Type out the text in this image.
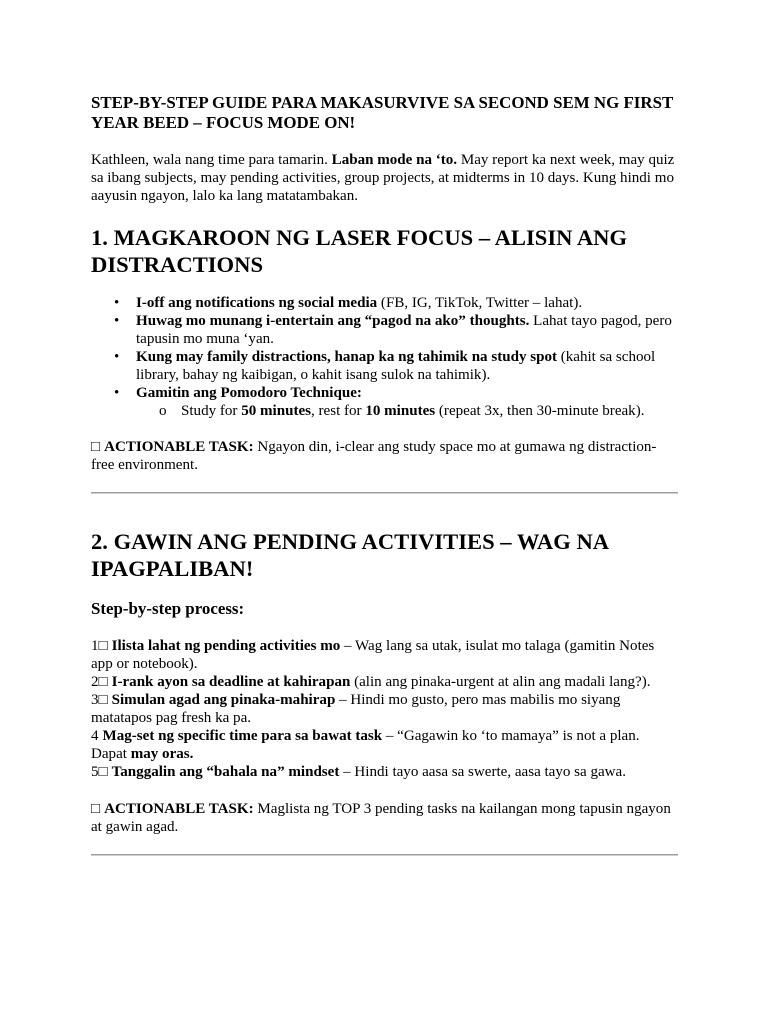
STEP-BY-STEP GUIDE PARA MAKASURVIVE SA SECOND SEM NG FIRST YEAR BEED – FOCUS MODE ON!

Kathleen, wala nang time para tamarin. Laban mode na ‘to. May report ka next week, may quiz sa ibang subjects, may pending activities, group projects, at midterms in 10 days. Kung hindi mo aayusin ngayon, lalo ka lang matatambakan.

1. MAGKAROON NG LASER FOCUS – ALISIN ANG DISTRACTIONS
• I-off ang notifications ng social media (FB, IG, TikTok, Twitter – lahat).
• Huwag mo munang i-entertain ang “pagod na ako” thoughts. Lahat tayo pagod, pero tapusin mo muna ‘yan.
• Kung may family distractions, hanap ka ng tahimik na study spot (kahit sa school library, bahay ng kaibigan, o kahit isang sulok na tahimik).
• Gamitin ang Pomodoro Technique:
o Study for 50 minutes, rest for 10 minutes (repeat 3x, then 30-minute break).

□ ACTIONABLE TASK: Ngayon din, i-clear ang study space mo at gumawa ng distraction-free environment.

2. GAWIN ANG PENDING ACTIVITIES – WAG NA IPAGPALIBAN!
Step-by-step process:
1□ Ilista lahat ng pending activities mo – Wag lang sa utak, isulat mo talaga (gamitin Notes app or notebook).
2□ I-rank ayon sa deadline at kahirapan (alin ang pinaka-urgent at alin ang madali lang?).
3□ Simulan agad ang pinaka-mahirap – Hindi mo gusto, pero mas mabilis mo siyang matatapos pag fresh ka pa.
4 Mag-set ng specific time para sa bawat task – “Gagawin ko ‘to mamaya” is not a plan. Dapat may oras.
5□ Tanggalin ang “bahala na” mindset – Hindi tayo aasa sa swerte, aasa tayo sa gawa.

□ ACTIONABLE TASK: Maglista ng TOP 3 pending tasks na kailangan mong tapusin ngayon at gawin agad.
